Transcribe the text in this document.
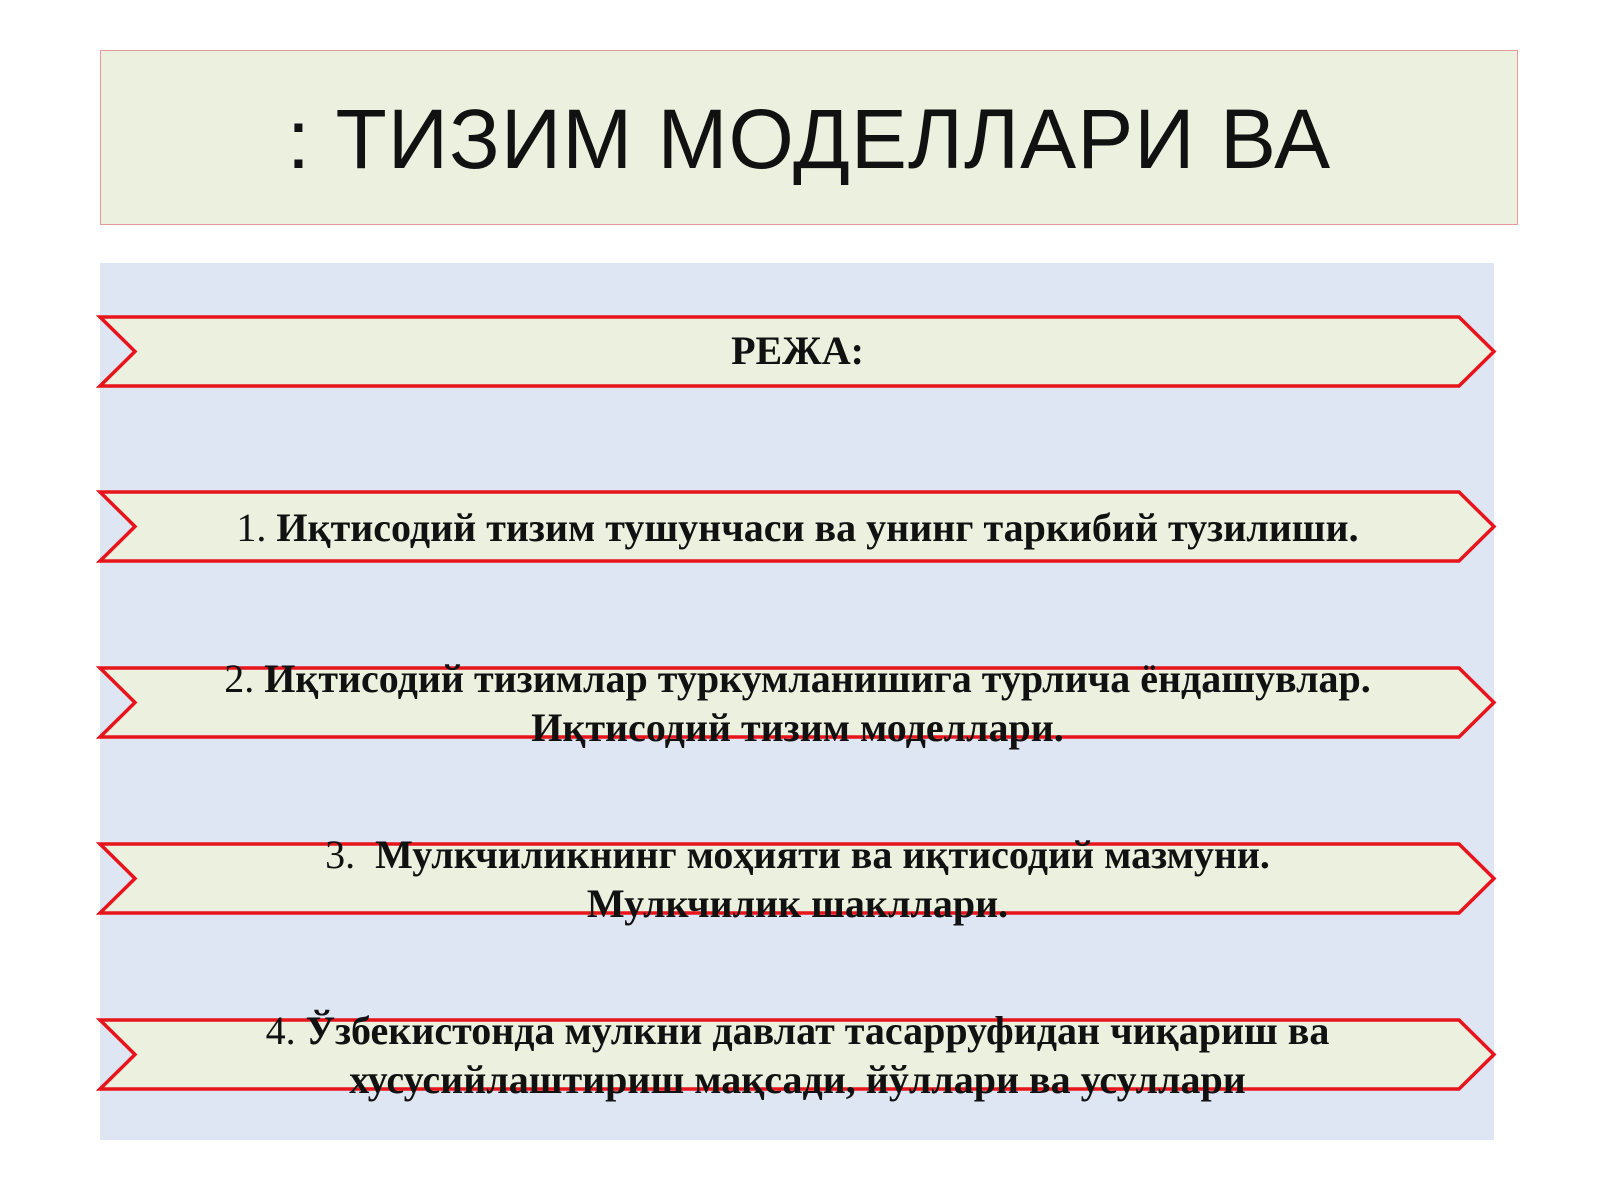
: ТИЗИМ МОДЕЛЛАРИ ВА
РЕЖА:
1. Иқтисодий тизим тушунчаси ва унинг таркибий тузилиши.
2. Иқтисодий тизимлар туркумланишига турлича ёндашувлар.
Иқтисодий тизим моделлари.
3. Мулкчиликнинг моҳияти ва иқтисодий мазмуни.
Мулкчилик шакллари.
4. Ўзбекистонда мулкни давлат тасарруфидан чиқариш ва
хусусийлаштириш мақсади, йўллари ва усуллари
